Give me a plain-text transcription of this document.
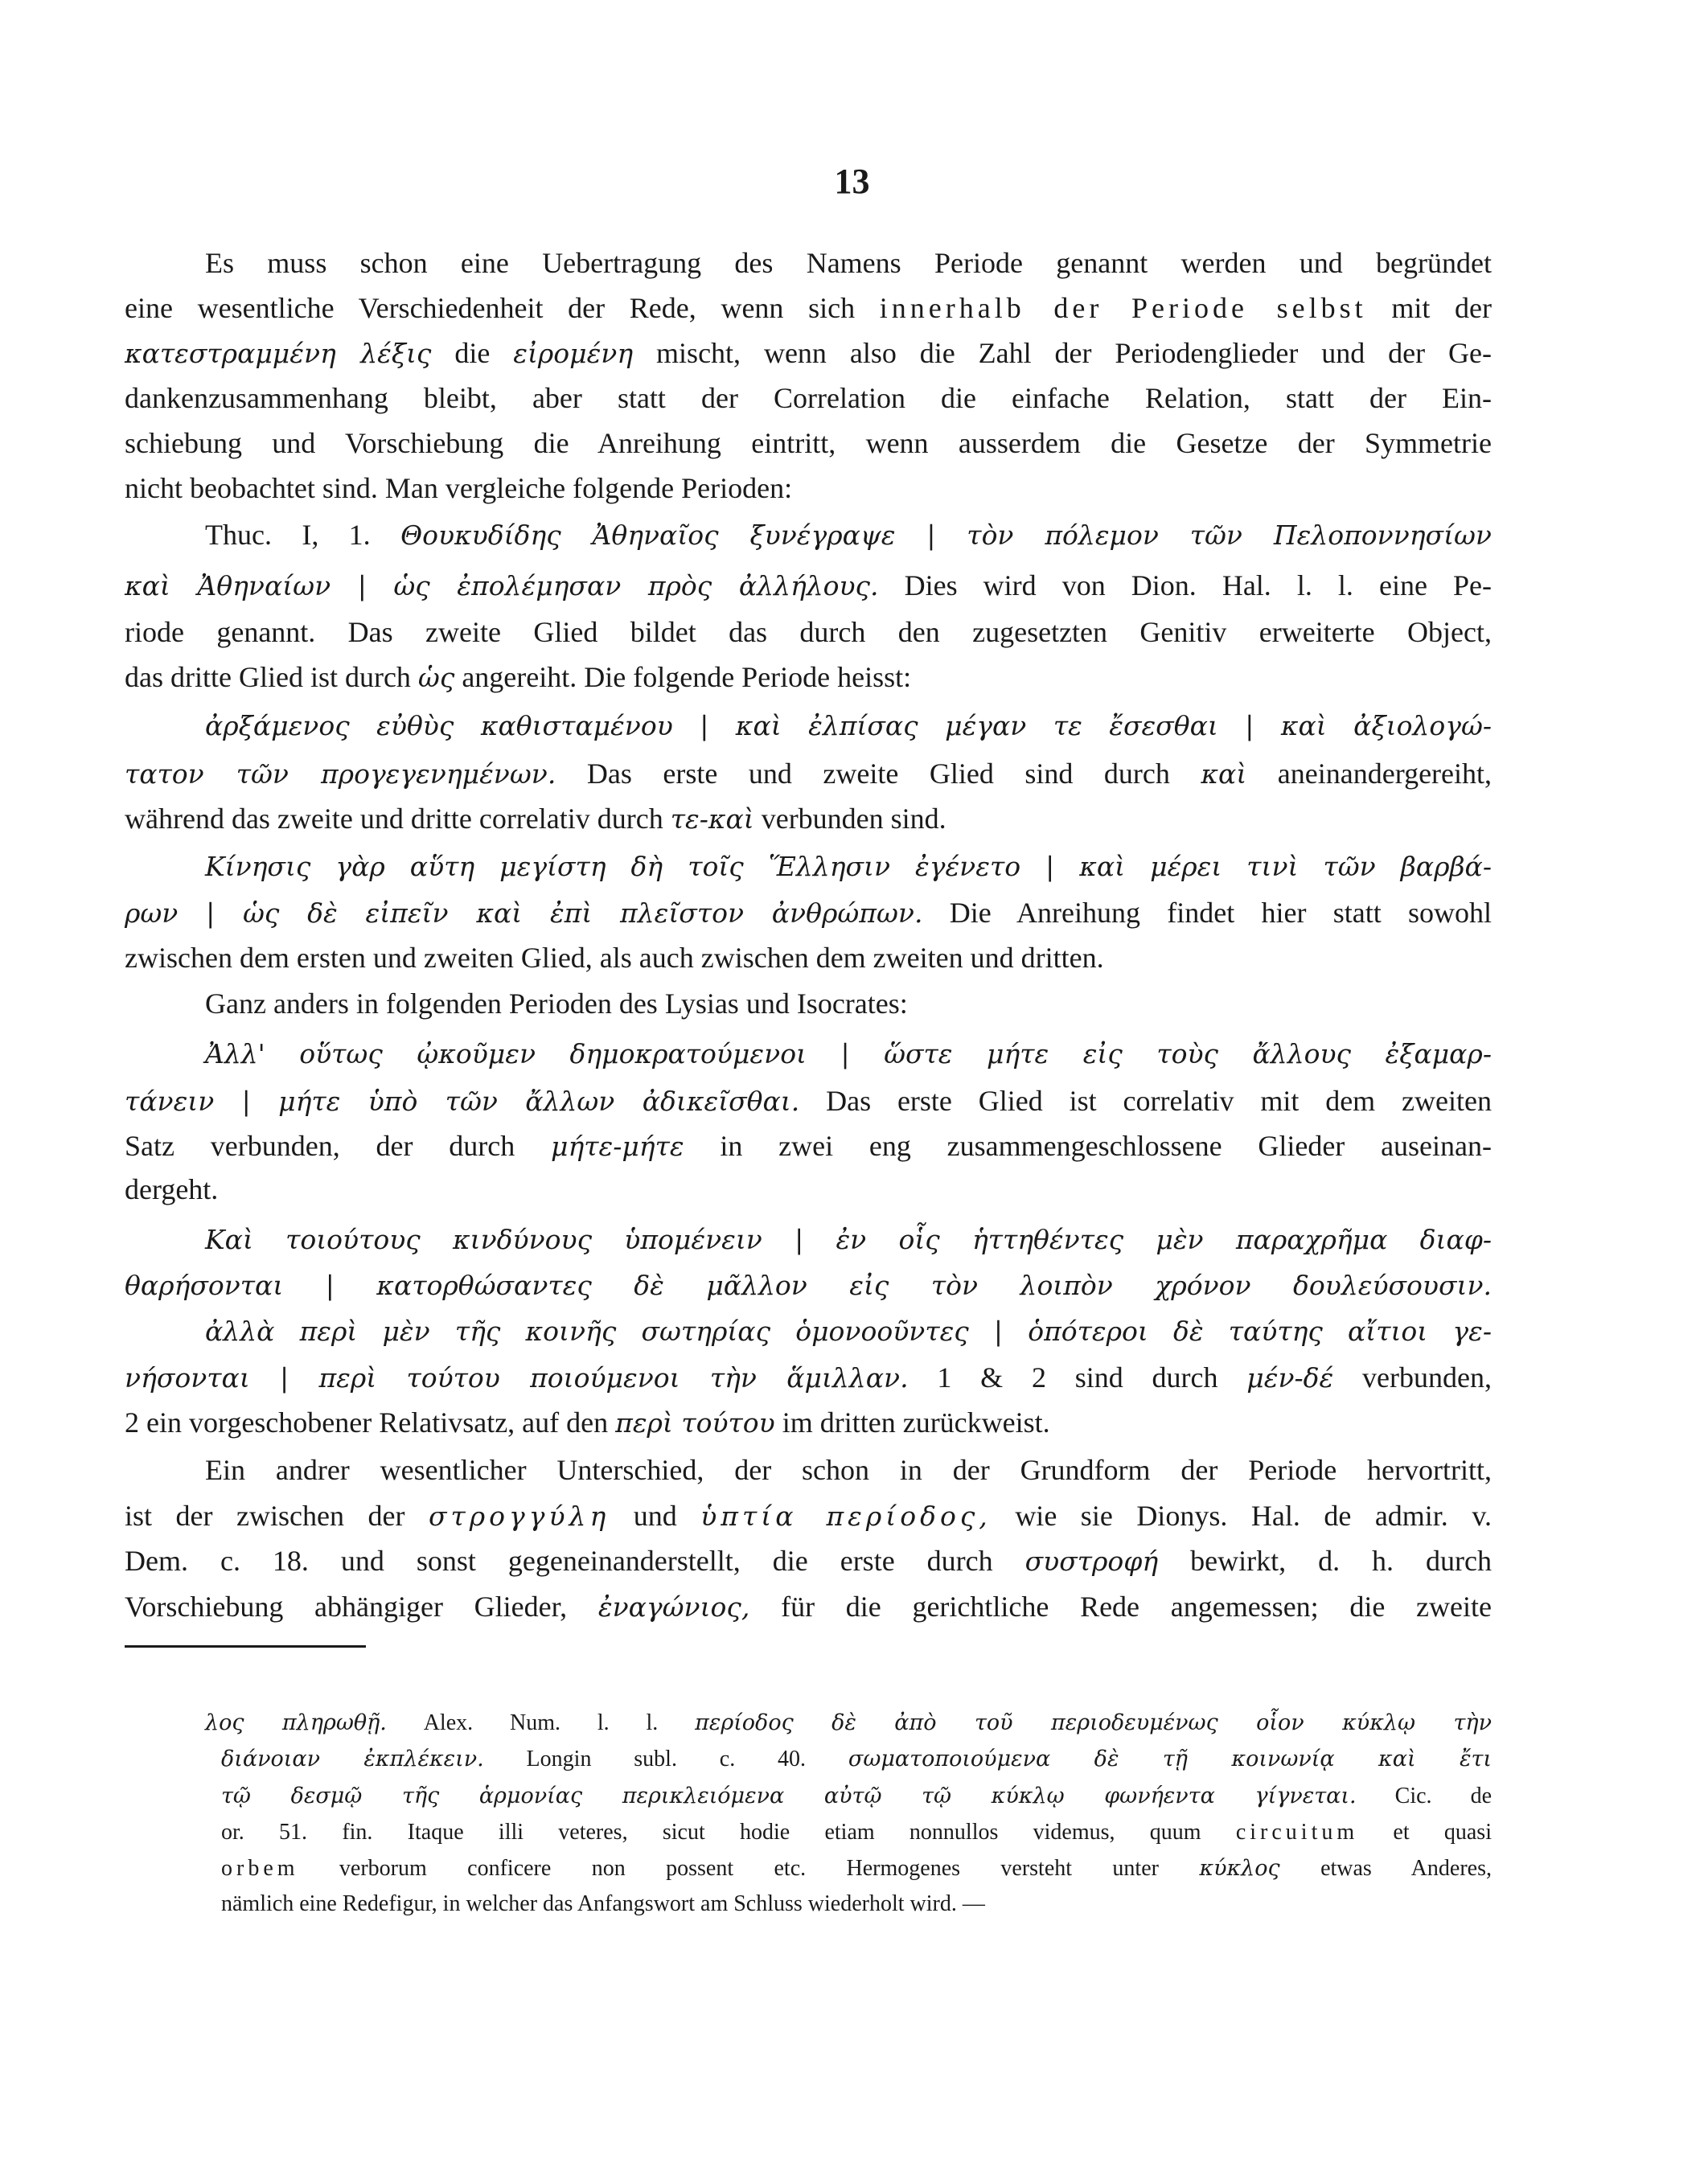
13
Es muss schon eine Uebertragung des Namens Periode genannt werden und begründet
eine wesentliche Verschiedenheit der Rede, wenn sich innerhalb der Periode selbst mit der
κατεστραμμένη λέξις die εἰρομένη mischt, wenn also die Zahl der Periodenglieder und der Ge-
dankenzusammenhang bleibt, aber statt der Correlation die einfache Relation, statt der Ein-
schiebung und Vorschiebung die Anreihung eintritt, wenn ausserdem die Gesetze der Symmetrie
nicht beobachtet sind. Man vergleiche folgende Perioden:
Thuc. I, 1. Θουκυδίδης Ἀθηναῖος ξυνέγραψε | τὸν πόλεμον τῶν Πελοποννησίων
καὶ Ἀθηναίων | ὡς ἐπολέμησαν πρὸς ἀλλήλους. Dies wird von Dion. Hal. l. l. eine Pe-
riode genannt. Das zweite Glied bildet das durch den zugesetzten Genitiv erweiterte Object,
das dritte Glied ist durch ὡς angereiht. Die folgende Periode heisst:
ἀρξάμενος εὐθὺς καθισταμένου | καὶ ἐλπίσας μέγαν τε ἔσεσθαι | καὶ ἀξιολογώ-
τατον τῶν προγεγενημένων. Das erste und zweite Glied sind durch καὶ aneinandergereiht,
während das zweite und dritte correlativ durch τε-καὶ verbunden sind.
Κίνησις γὰρ αὕτη μεγίστη δὴ τοῖς Ἕλλησιν ἐγένετο | καὶ μέρει τινὶ τῶν βαρβά-
ρων | ὡς δὲ εἰπεῖν καὶ ἐπὶ πλεῖστον ἀνθρώπων. Die Anreihung findet hier statt sowohl
zwischen dem ersten und zweiten Glied, als auch zwischen dem zweiten und dritten.
Ganz anders in folgenden Perioden des Lysias und Isocrates:
Ἀλλ' οὕτως ᾠκοῦμεν δημοκρατούμενοι | ὥστε μήτε εἰς τοὺς ἄλλους ἐξαμαρ-
τάνειν | μήτε ὑπὸ τῶν ἄλλων ἀδικεῖσθαι. Das erste Glied ist correlativ mit dem zweiten
Satz verbunden, der durch μήτε-μήτε in zwei eng zusammengeschlossene Glieder auseinan-
dergeht.
Καὶ τοιούτους κινδύνους ὑπομένειν | ἐν οἷς ἡττηθέντες μὲν παραχρῆμα διαφ-
θαρήσονται | κατορθώσαντες δὲ μᾶλλον εἰς τὸν λοιπὸν χρόνον δουλεύσουσιν.
ἀλλὰ περὶ μὲν τῆς κοινῆς σωτηρίας ὁμονοοῦντες | ὁπότεροι δὲ ταύτης αἴτιοι γε-
νήσονται | περὶ τούτου ποιούμενοι τὴν ἅμιλλαν. 1 & 2 sind durch μέν-δέ verbunden,
2 ein vorgeschobener Relativsatz, auf den περὶ τούτου im dritten zurückweist.
Ein andrer wesentlicher Unterschied, der schon in der Grundform der Periode hervortritt,
ist der zwischen der στρογγύλη und ὑπτία περίοδος, wie sie Dionys. Hal. de admir. v.
Dem. c. 18. und sonst gegeneinanderstellt, die erste durch συστροφή bewirkt, d. h. durch
Vorschiebung abhängiger Glieder, ἐναγώνιος, für die gerichtliche Rede angemessen; die zweite
λος πληρωθῇ. Alex. Num. l. l. περίοδος δὲ ἀπὸ τοῦ περιοδευμένως οἷον κύκλῳ τὴν
διάνοιαν ἐκπλέκειν. Longin subl. c. 40. σωματοποιούμενα δὲ τῇ κοινωνίᾳ καὶ ἔτι
τῷ δεσμῷ τῆς ἁρμονίας περικλειόμενα αὐτῷ τῷ κύκλῳ φωνήεντα γίγνεται. Cic. de
or. 51. fin. Itaque illi veteres, sicut hodie etiam nonnullos videmus, quum circuitum et quasi
orbem verborum conficere non possent etc. Hermogenes versteht unter κύκλος etwas Anderes,
nämlich eine Redefigur, in welcher das Anfangswort am Schluss wiederholt wird. —
